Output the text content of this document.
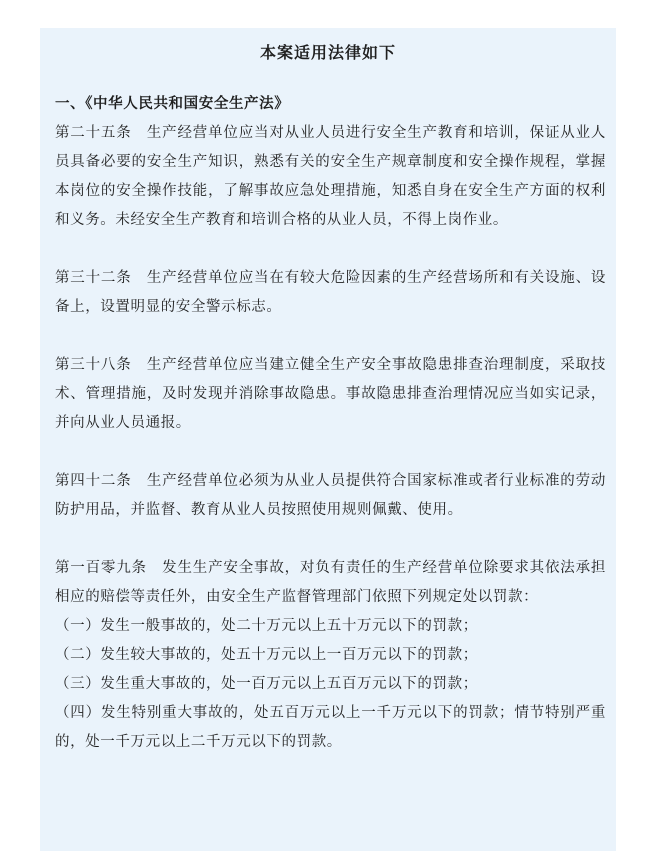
本案适用法律如下

一、《中华人民共和国安全生产法》

第二十五条　生产经营单位应当对从业人员进行安全生产教育和培训，保证从业人员具备必要的安全生产知识，熟悉有关的安全生产规章制度和安全操作规程，掌握本岗位的安全操作技能，了解事故应急处理措施，知悉自身在安全生产方面的权利和义务。未经安全生产教育和培训合格的从业人员，不得上岗作业。

第三十二条　生产经营单位应当在有较大危险因素的生产经营场所和有关设施、设备上，设置明显的安全警示标志。

第三十八条　生产经营单位应当建立健全生产安全事故隐患排查治理制度，采取技术、管理措施，及时发现并消除事故隐患。事故隐患排查治理情况应当如实记录，并向从业人员通报。

第四十二条　生产经营单位必须为从业人员提供符合国家标准或者行业标准的劳动防护用品，并监督、教育从业人员按照使用规则佩戴、使用。

第一百零九条　发生生产安全事故，对负有责任的生产经营单位除要求其依法承担相应的赔偿等责任外，由安全生产监督管理部门依照下列规定处以罚款：

（一）发生一般事故的，处二十万元以上五十万元以下的罚款；

（二）发生较大事故的，处五十万元以上一百万元以下的罚款；

（三）发生重大事故的，处一百万元以上五百万元以下的罚款；

（四）发生特别重大事故的，处五百万元以上一千万元以下的罚款；情节特别严重的，处一千万元以上二千万元以下的罚款。
